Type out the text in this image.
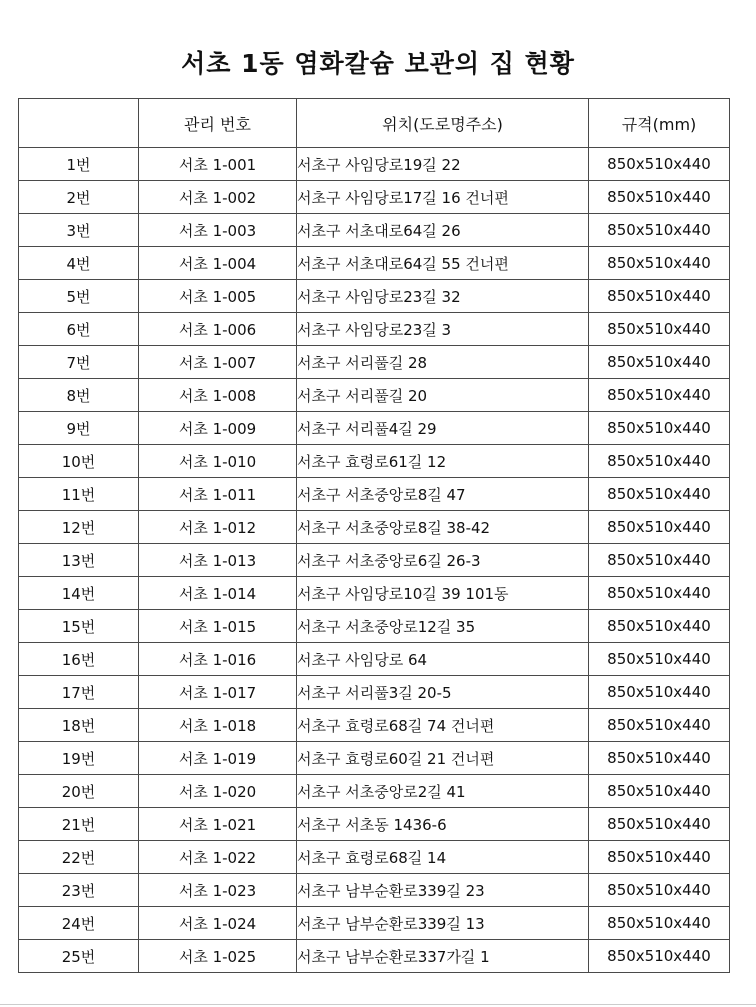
서초 1동 염화칼슘 보관의 집 현황
	관리 번호	위치(도로명주소)	규격(mm)
1번	서초 1-001	서초구 사임당로19길 22	850x510x440
2번	서초 1-002	서초구 사임당로17길 16 건너편	850x510x440
3번	서초 1-003	서초구 서초대로64길 26	850x510x440
4번	서초 1-004	서초구 서초대로64길 55 건너편	850x510x440
5번	서초 1-005	서초구 사임당로23길 32	850x510x440
6번	서초 1-006	서초구 사임당로23길 3	850x510x440
7번	서초 1-007	서초구 서리풀길 28	850x510x440
8번	서초 1-008	서초구 서리풀길 20	850x510x440
9번	서초 1-009	서초구 서리풀4길 29	850x510x440
10번	서초 1-010	서초구 효령로61길 12	850x510x440
11번	서초 1-011	서초구 서초중앙로8길 47	850x510x440
12번	서초 1-012	서초구 서초중앙로8길 38-42	850x510x440
13번	서초 1-013	서초구 서초중앙로6길 26-3	850x510x440
14번	서초 1-014	서초구 사임당로10길 39 101동	850x510x440
15번	서초 1-015	서초구 서초중앙로12길 35	850x510x440
16번	서초 1-016	서초구 사임당로 64	850x510x440
17번	서초 1-017	서초구 서리풀3길 20-5	850x510x440
18번	서초 1-018	서초구 효령로68길 74 건너편	850x510x440
19번	서초 1-019	서초구 효령로60길 21 건너편	850x510x440
20번	서초 1-020	서초구 서초중앙로2길 41	850x510x440
21번	서초 1-021	서초구 서초동 1436-6	850x510x440
22번	서초 1-022	서초구 효령로68길 14	850x510x440
23번	서초 1-023	서초구 남부순환로339길 23	850x510x440
24번	서초 1-024	서초구 남부순환로339길 13	850x510x440
25번	서초 1-025	서초구 남부순환로337가길 1	850x510x440
